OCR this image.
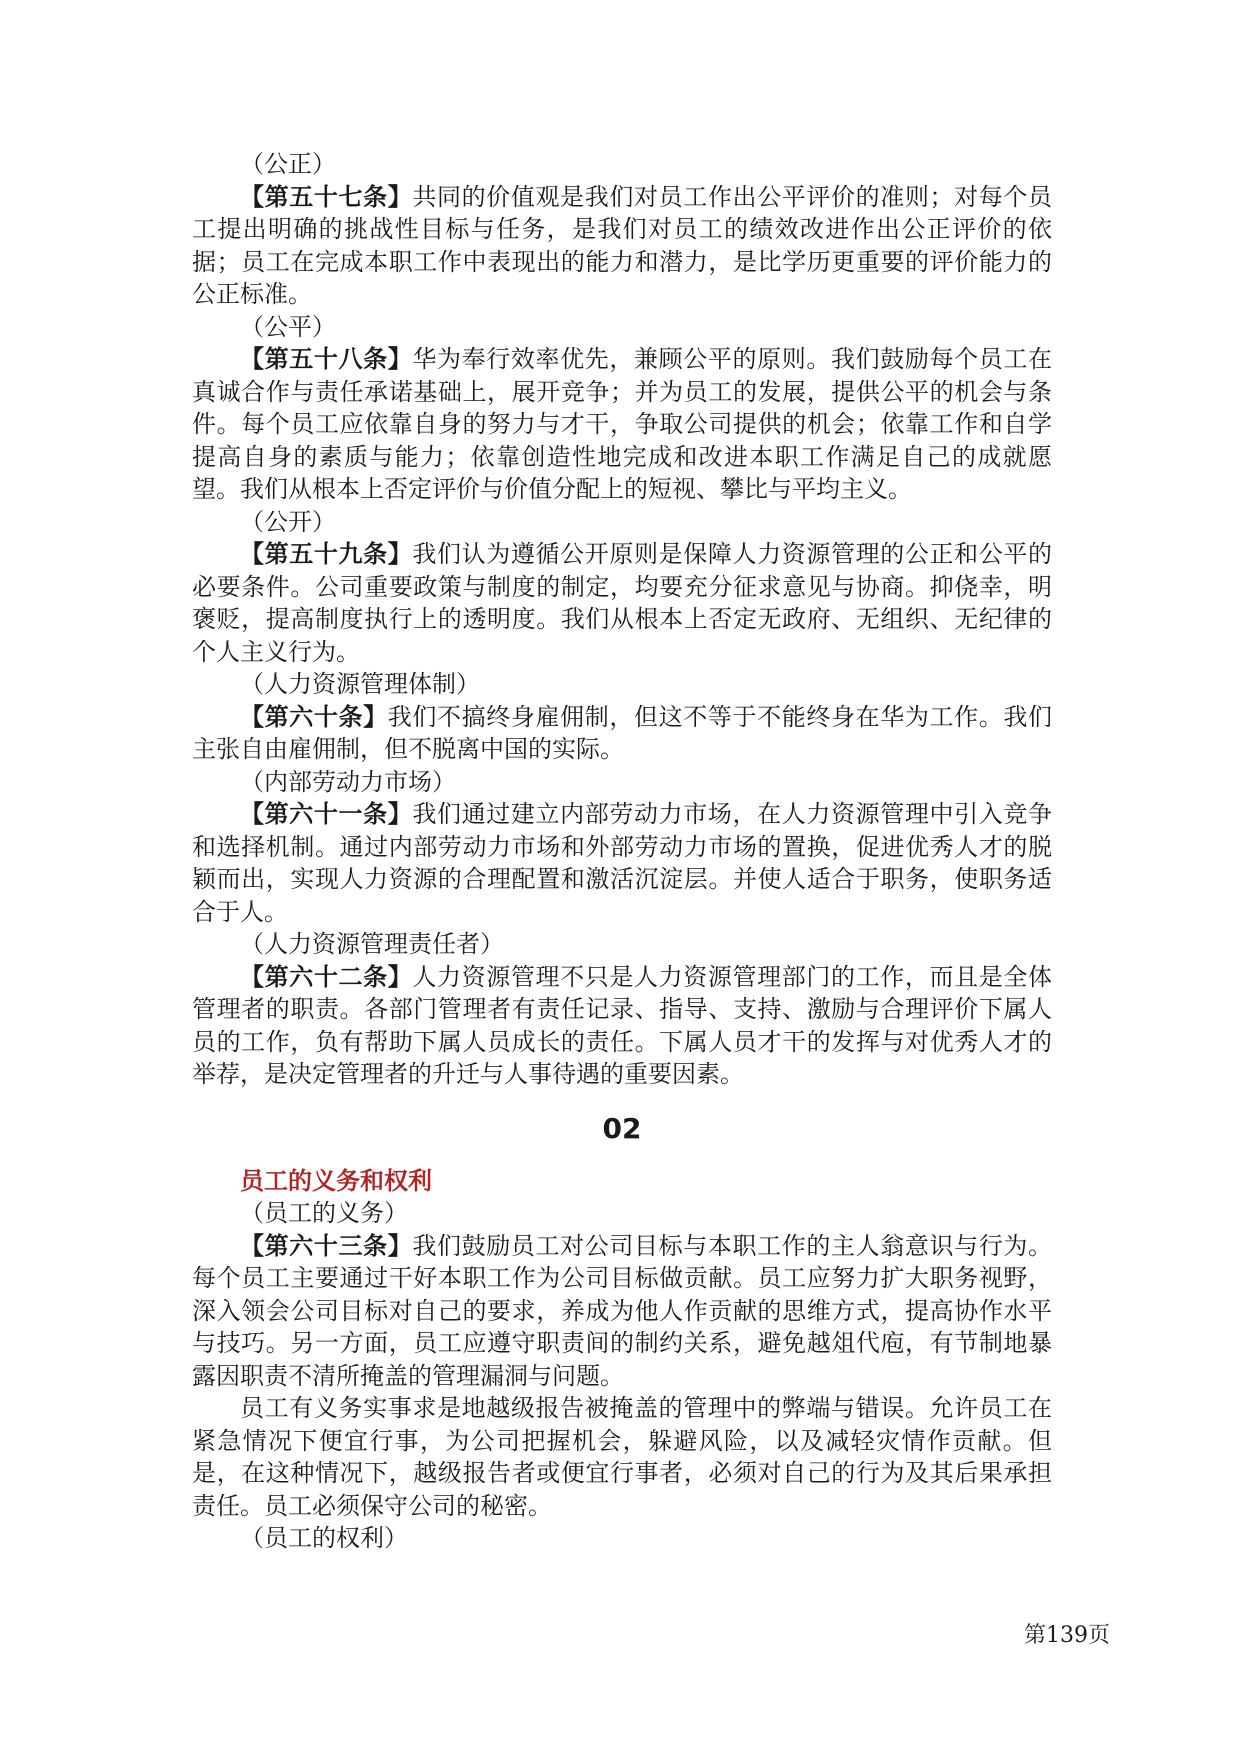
（公正）

【第五十七条】共同的价值观是我们对员工作出公平评价的准则；对每个员工提出明确的挑战性目标与任务，是我们对员工的绩效改进作出公正评价的依据；员工在完成本职工作中表现出的能力和潜力，是比学历更重要的评价能力的公正标准。

（公平）

【第五十八条】华为奉行效率优先，兼顾公平的原则。我们鼓励每个员工在真诚合作与责任承诺基础上，展开竞争；并为员工的发展，提供公平的机会与条件。每个员工应依靠自身的努力与才干，争取公司提供的机会；依靠工作和自学提高自身的素质与能力；依靠创造性地完成和改进本职工作满足自己的成就愿望。我们从根本上否定评价与价值分配上的短视、攀比与平均主义。

（公开）

【第五十九条】我们认为遵循公开原则是保障人力资源管理的公正和公平的必要条件。公司重要政策与制度的制定，均要充分征求意见与协商。抑侥幸，明褒贬，提高制度执行上的透明度。我们从根本上否定无政府、无组织、无纪律的个人主义行为。

（人力资源管理体制）

【第六十条】我们不搞终身雇佣制，但这不等于不能终身在华为工作。我们主张自由雇佣制，但不脱离中国的实际。

（内部劳动力市场）

【第六十一条】我们通过建立内部劳动力市场，在人力资源管理中引入竞争和选择机制。通过内部劳动力市场和外部劳动力市场的置换，促进优秀人才的脱颖而出，实现人力资源的合理配置和激活沉淀层。并使人适合于职务，使职务适合于人。

（人力资源管理责任者）

【第六十二条】人力资源管理不只是人力资源管理部门的工作，而且是全体管理者的职责。各部门管理者有责任记录、指导、支持、激励与合理评价下属人员的工作，负有帮助下属人员成长的责任。下属人员才干的发挥与对优秀人才的举荐，是决定管理者的升迁与人事待遇的重要因素。

02

员工的义务和权利

（员工的义务）

【第六十三条】我们鼓励员工对公司目标与本职工作的主人翁意识与行为。每个员工主要通过干好本职工作为公司目标做贡献。员工应努力扩大职务视野，深入领会公司目标对自己的要求，养成为他人作贡献的思维方式，提高协作水平与技巧。另一方面，员工应遵守职责间的制约关系，避免越俎代庖，有节制地暴露因职责不清所掩盖的管理漏洞与问题。

员工有义务实事求是地越级报告被掩盖的管理中的弊端与错误。允许员工在紧急情况下便宜行事，为公司把握机会，躲避风险，以及减轻灾情作贡献。但是，在这种情况下，越级报告者或便宜行事者，必须对自己的行为及其后果承担责任。员工必须保守公司的秘密。

（员工的权利）

第139页
